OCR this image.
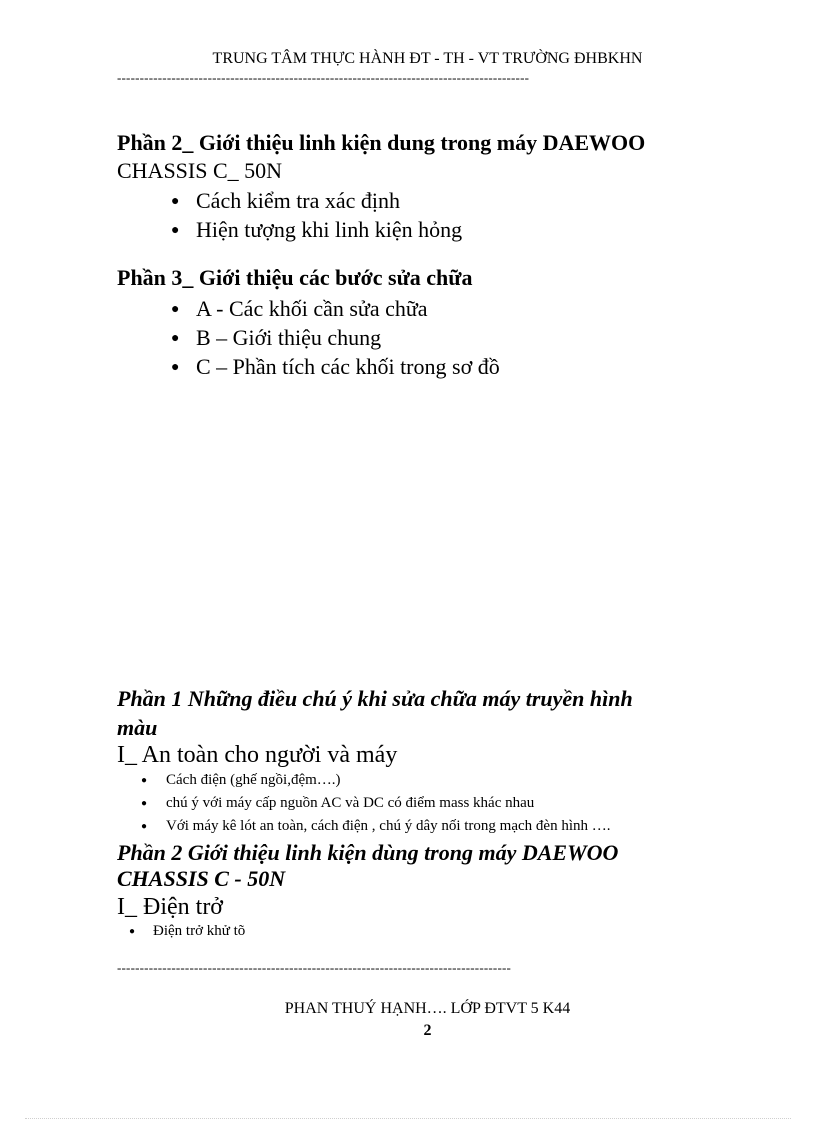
TRUNG TÂM THỰC HÀNH ĐT - TH - VT TRƯỜNG ĐHBKHN
-------------------------------------------------------------------------------------------
Phần 2_ Giới thiệu linh kiện dung trong máy DAEWOO
CHASSIS C_ 50N
● Cách kiểm tra xác định
● Hiện tượng khi linh kiện hỏng
Phần 3_ Giới thiệu các bước sửa chữa
● A - Các khối cần sửa chữa
● B – Giới thiệu chung
● C – Phần tích các khối trong sơ đồ
Phần 1 Những điều chú ý khi sửa chữa máy truyền hình
màu
I_ An toàn cho người và máy
● Cách điện (ghế ngồi,đệm….)
● chú ý với máy cấp nguồn AC và DC có điểm mass khác nhau
● Với máy kê lót an toàn, cách điện , chú ý dây nối trong mạch đèn hình ….
Phần 2 Giới thiệu linh kiện dùng trong máy DAEWOO
CHASSIS C - 50N
I_ Điện trở
● Điện trở khử tõ
---------------------------------------------------------------------------------------
PHAN THUÝ HẠNH…. LỚP ĐTVT 5 K44
2
